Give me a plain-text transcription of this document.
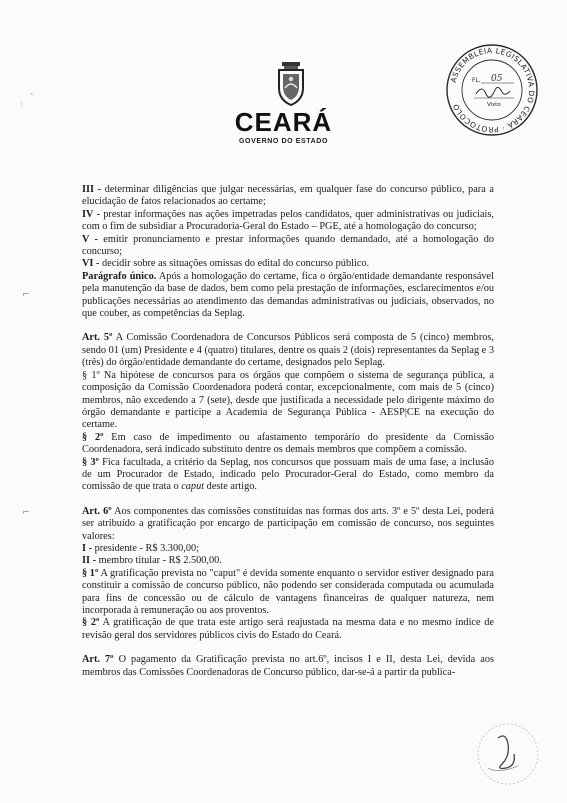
CEARÁ
GOVERNO DO ESTADO
ASSEMBLEIA LEGISLATIVA DO CEARÁ · PROTOCOLO
FL. 05
Visto
ˎ
·
⌐
⌐

III - determinar diligências que julgar necessárias, em qualquer fase do concurso público, para a elucidação de fatos relacionados ao certame;

IV - prestar informações nas ações impetradas pelos candidatos, quer administrativas ou judiciais, com o fim de subsidiar a Procuradoria-Geral do Estado – PGE, até a homologação do concurso;

V - emitir pronunciamento e prestar informações quando demandado, até a homologação do concurso;

VI - decidir sobre as situações omissas do edital do concurso público.

Parágrafo único. Após a homologação do certame, fica o órgão/entidade demandante responsável pela manutenção da base de dados, bem como pela prestação de informações, esclarecimentos e/ou publicações necessárias ao atendimento das demandas administrativas ou judiciais, observados, no que couber, as competências da Seplag.

Art. 5º A Comissão Coordenadora de Concursos Públicos será composta de 5 (cinco) membros, sendo 01 (um) Presidente e 4 (quatro) titulares, dentre os quais 2 (dois) representantes da Seplag e 3 (três) do órgão/entidade demandante do certame, designados pelo Seplag.

§ 1º Na hipótese de concursos para os órgãos que compõem o sistema de segurança pública, a composição da Comissão Coordenadora poderá contar, excepcionalmente, com mais de 5 (cinco) membros, não excedendo a 7 (sete), desde que justificada a necessidade pelo dirigente máximo do órgão demandante e participe a Academia de Segurança Pública - AESP|CE na execução do certame.

§ 2º Em caso de impedimento ou afastamento temporário do presidente da Comissão Coordenadora, será indicado substituto dentre os demais membros que compõem a comissão.

§ 3º Fica facultada, a critério da Seplag, nos concursos que possuam mais de uma fase, a inclusão de um Procurador de Estado, indicado pelo Procurador-Geral do Estado, como membro da comissão de que trata o caput deste artigo.

Art. 6º Aos componentes das comissões constituídas nas formas dos arts. 3º e 5º desta Lei, poderá ser atribuído a gratificação por encargo de participação em comissão de concurso, nos seguintes valores:

I - presidente - R$ 3.300,00;

II - membro titular - R$ 2.500,00.

§ 1º A gratificação prevista no "caput" é devida somente enquanto o servidor estiver designado para constituir a comissão de concurso público, não podendo ser considerada computada ou acumulada para fins de concessão ou de cálculo de vantagens financeiras de qualquer natureza, nem incorporada à remuneração ou aos proventos.

§ 2º A gratificação de que trata este artigo será reajustada na mesma data e no mesmo índice de revisão geral dos servidores públicos civis do Estado do Ceará.

Art. 7º O pagamento da Gratificação prevista no art.6º, incisos I e II, desta Lei, devida aos membros das Comissões Coordenadoras de Concurso público, dar-se-á a partir da publica-
